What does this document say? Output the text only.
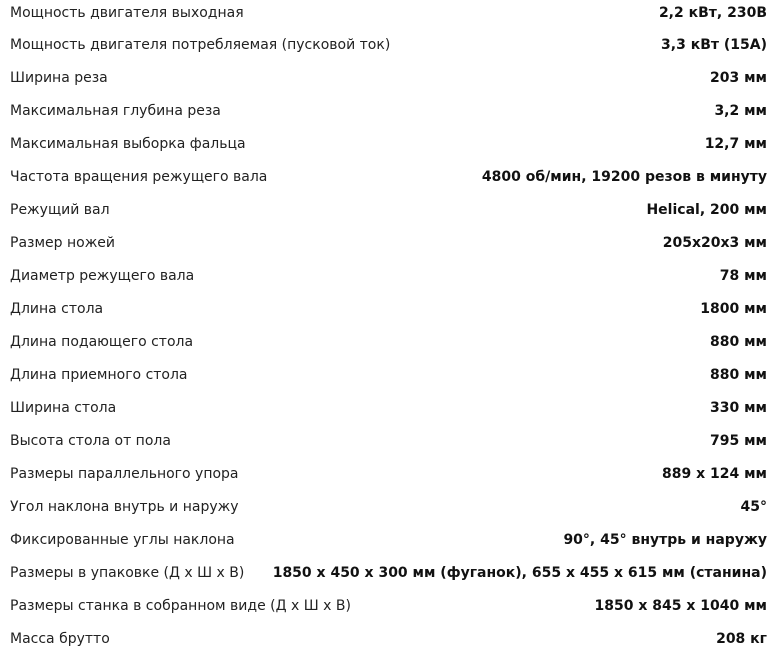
Мощность двигателя выходная	2,2 кВт, 230В
Мощность двигателя потребляемая (пусковой ток)	3,3 кВт (15А)
Ширина реза	203 мм
Максимальная глубина реза	3,2 мм
Максимальная выборка фальца	12,7 мм
Частота вращения режущего вала	4800 об/мин, 19200 резов в минуту
Режущий вал	Helical, 200 мм
Размер ножей	205x20x3 мм
Диаметр режущего вала	78 мм
Длина стола	1800 мм
Длина подающего стола	880 мм
Длина приемного стола	880 мм
Ширина стола	330 мм
Высота стола от пола	795 мм
Размеры параллельного упора	889 х 124 мм
Угол наклона внутрь и наружу	45°
Фиксированные углы наклона	90°, 45° внутрь и наружу
Размеры в упаковке (Д х Ш х В) 1850 х 450 х 300 мм (фуганок), 655 х 455 х 615 мм (станина)
Размеры станка в собранном виде (Д х Ш х В)	1850 х 845 х 1040 мм
Масса брутто	208 кг
